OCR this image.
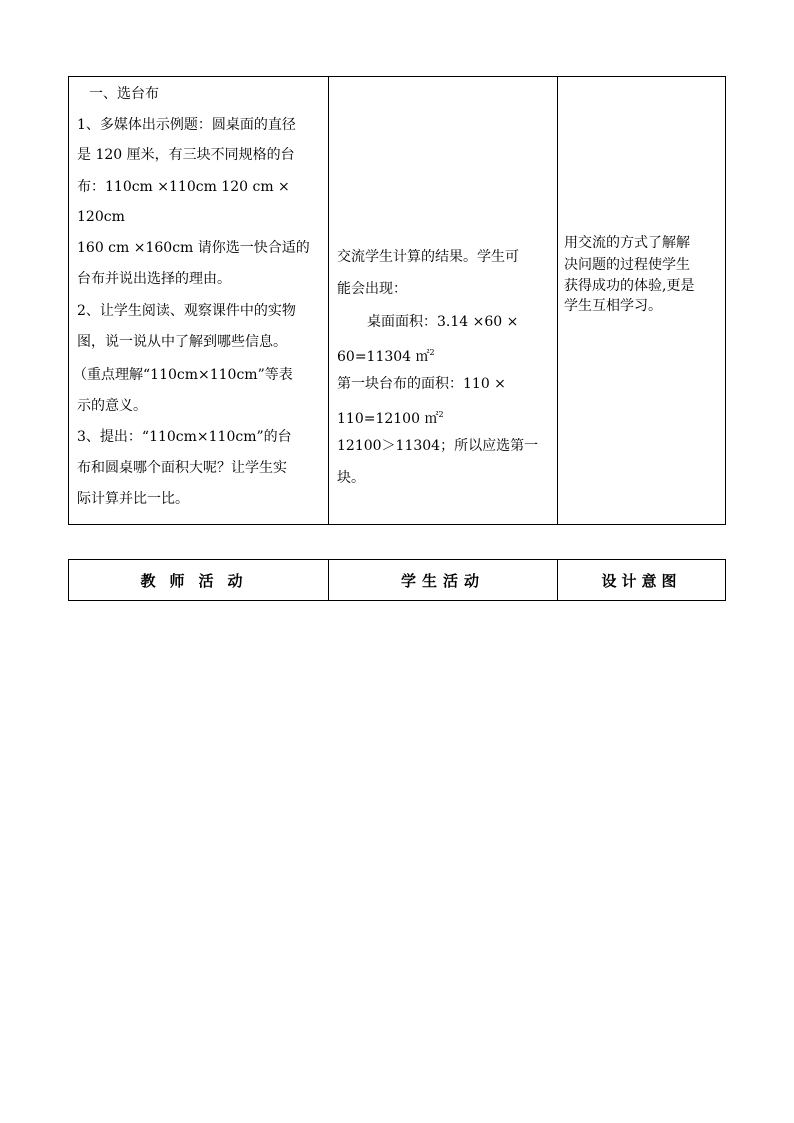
一、选台布
1、多媒体出示例题：圆桌面的直径
是 120 厘米，有三块不同规格的台
布：110cm ×110cm 120 cm ×
120cm
160 cm ×160cm 请你选一快合适的
台布并说出选择的理由。
2、让学生阅读、观察课件中的实物
图，说一说从中了解到哪些信息。
（重点理解“110cm×110cm”等表
示的意义。
3、提出：“110cm×110cm”的台
布和圆桌哪个面积大呢？让学生实
际计算并比一比。

交流学生计算的结果。学生可
能会出现：
桌面面积：3.14 ×60 ×
60=11304 ㎡$^2$
第一块台布的面积：110 ×
110=12100 ㎡$^2$
12100＞11304；所以应选第一
块。

用交流的方式了解解
决问题的过程使学生
获得成功的体验,更是
学生互相学习。
教师活动	学生活动	设计意图
